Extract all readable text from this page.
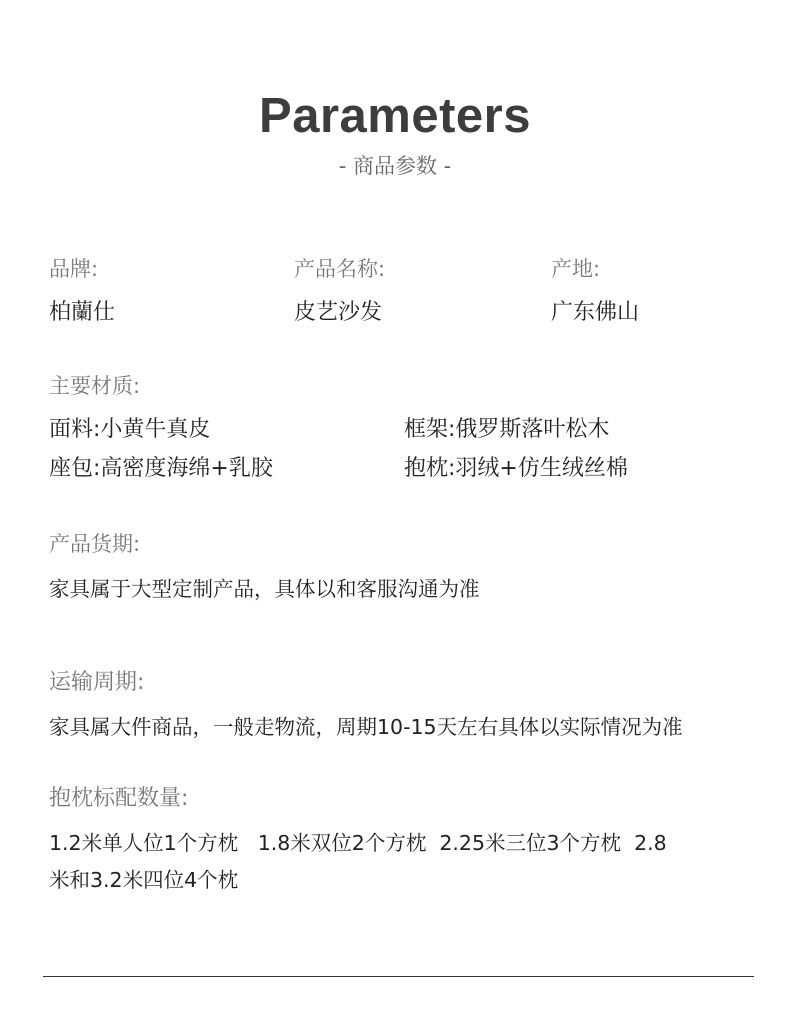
Parameters
- 商品参数 -
品牌:
柏蘭仕
产品名称:
皮艺沙发
产地:
广东佛山
主要材质:
面料:小黄牛真皮	框架:俄罗斯落叶松木
座包:高密度海绵+乳胶	抱枕:羽绒+仿生绒丝棉
产品货期:
家具属于大型定制产品，具体以和客服沟通为准
运输周期:
家具属大件商品，一般走物流，周期10-15天左右具体以实际情况为准
抱枕标配数量:
1.2米单人位1个方枕   1.8米双位2个方枕  2.25米三位3个方枕  2.8
米和3.2米四位4个枕
